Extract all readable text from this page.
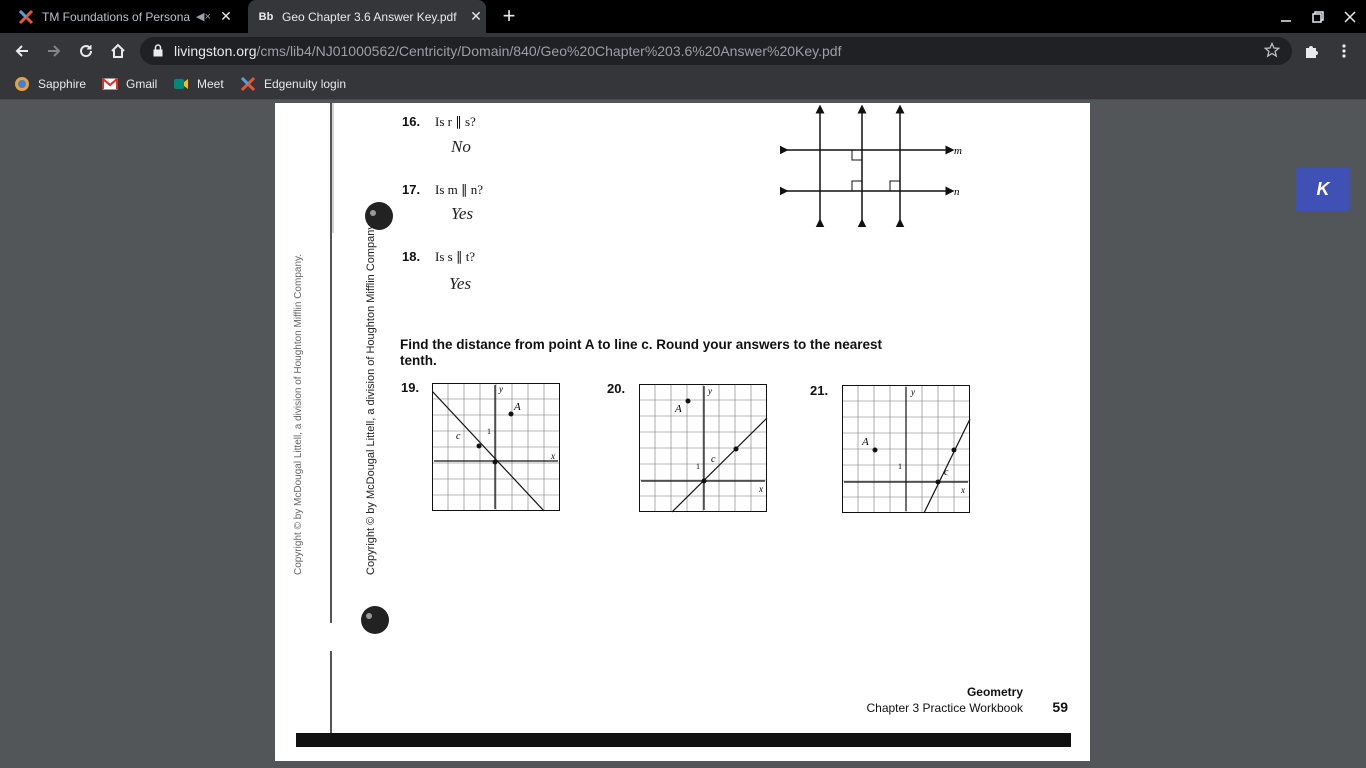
TM Foundations of Persona ◀× ✕ Bb Geo Chapter 3.6 Answer Key.pdf ✕ +
livingston.org/cms/lib4/NJ01000562/Centricity/Domain/840/Geo%20Chapter%203.6%20Answer%20Key.pdf
Sapphire	Gmail	Meet	Edgenuity login
Copyright © by McDougal Littell, a division of Houghton Mifflin Company.
Copyright © by McDougal Littell, a division of Houghton Mifflin Company.
16. Is r ∥ s?
No
17. Is m ∥ n?
Yes
18. Is s ∥ t?
Yes
m
n
Find the distance from point A to line c. Round your answers to the nearest tenth.
19.
A
c
y
x
1
20.
A
c
y
x
1
21.
A
c
y
x
1
Geometry
Chapter 3 Practice Workbook 59
K
